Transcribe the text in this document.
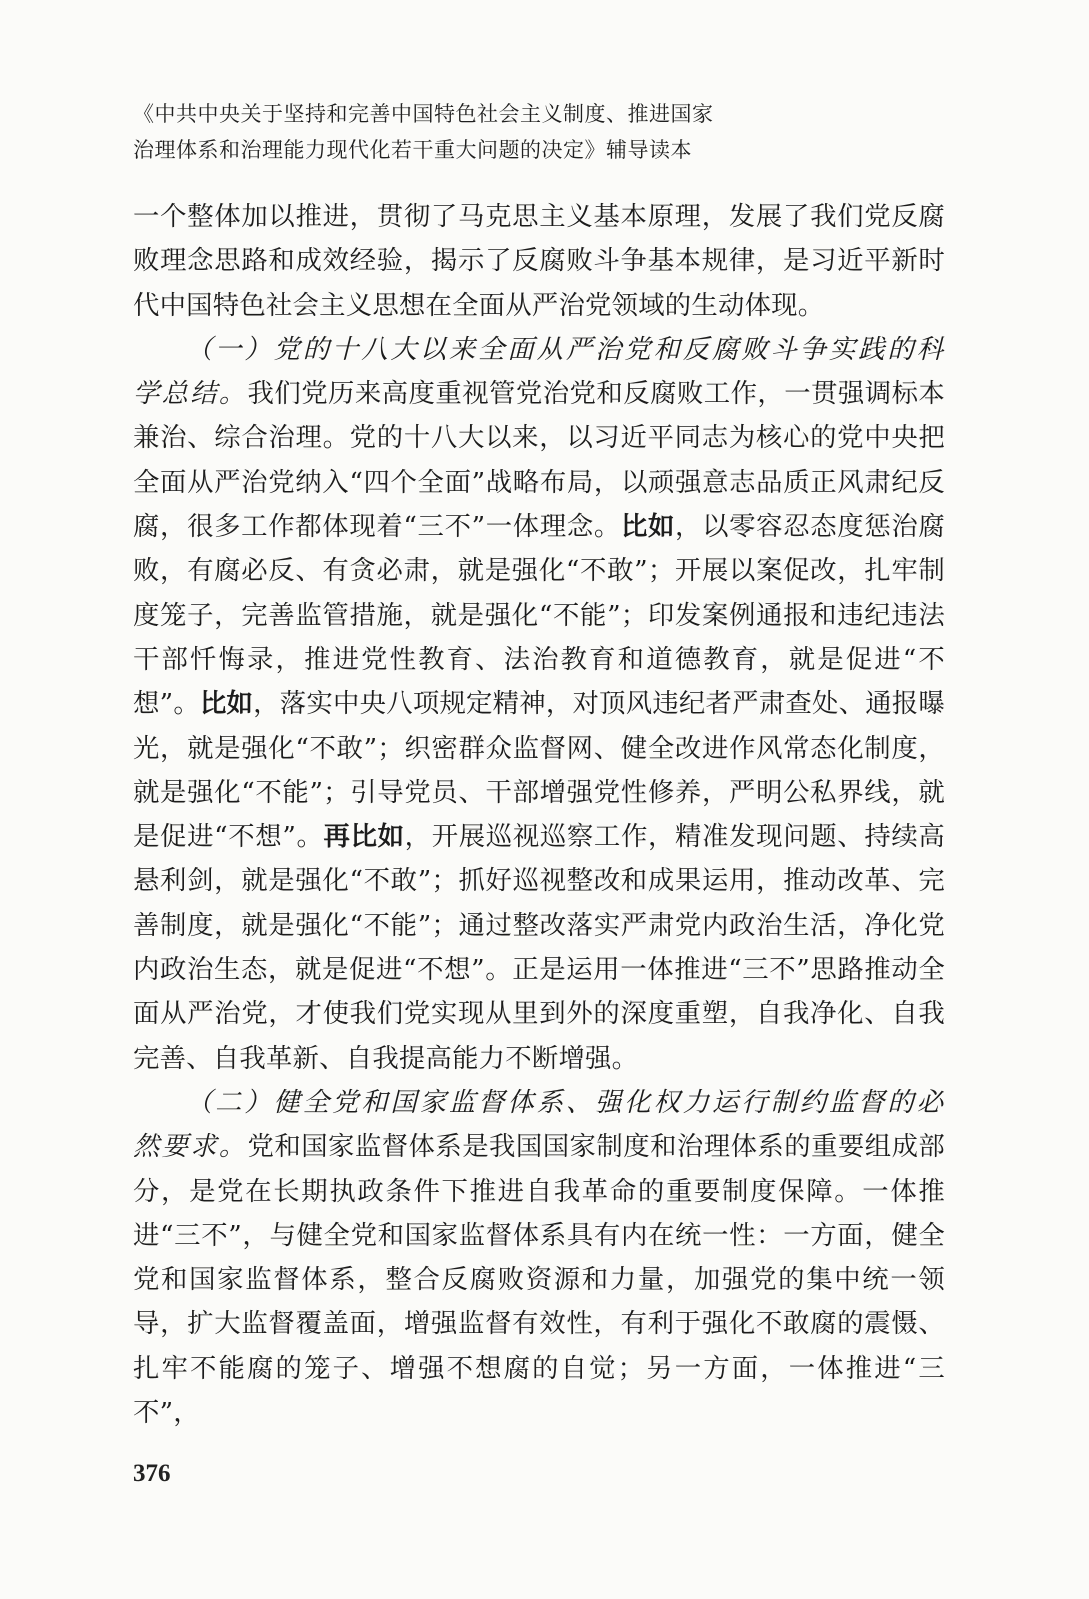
《中共中央关于坚持和完善中国特色社会主义制度、推进国家
治理体系和治理能力现代化若干重大问题的决定》辅导读本

一个整体加以推进，贯彻了马克思主义基本原理，发展了我们党反腐败理念思路和成效经验，揭示了反腐败斗争基本规律，是习近平新时代中国特色社会主义思想在全面从严治党领域的生动体现。

（一）党的十八大以来全面从严治党和反腐败斗争实践的科学总结。我们党历来高度重视管党治党和反腐败工作，一贯强调标本兼治、综合治理。党的十八大以来，以习近平同志为核心的党中央把全面从严治党纳入“四个全面”战略布局，以顽强意志品质正风肃纪反腐，很多工作都体现着“三不”一体理念。比如，以零容忍态度惩治腐败，有腐必反、有贪必肃，就是强化“不敢”；开展以案促改，扎牢制度笼子，完善监管措施，就是强化“不能”；印发案例通报和违纪违法干部忏悔录，推进党性教育、法治教育和道德教育，就是促进“不想”。比如，落实中央八项规定精神，对顶风违纪者严肃查处、通报曝光，就是强化“不敢”；织密群众监督网、健全改进作风常态化制度，就是强化“不能”；引导党员、干部增强党性修养，严明公私界线，就是促进“不想”。再比如，开展巡视巡察工作，精准发现问题、持续高悬利剑，就是强化“不敢”；抓好巡视整改和成果运用，推动改革、完善制度，就是强化“不能”；通过整改落实严肃党内政治生活，净化党内政治生态，就是促进“不想”。正是运用一体推进“三不”思路推动全面从严治党，才使我们党实现从里到外的深度重塑，自我净化、自我完善、自我革新、自我提高能力不断增强。

（二）健全党和国家监督体系、强化权力运行制约监督的必然要求。党和国家监督体系是我国国家制度和治理体系的重要组成部分，是党在长期执政条件下推进自我革命的重要制度保障。一体推进“三不”，与健全党和国家监督体系具有内在统一性：一方面，健全党和国家监督体系，整合反腐败资源和力量，加强党的集中统一领导，扩大监督覆盖面，增强监督有效性，有利于强化不敢腐的震慑、扎牢不能腐的笼子、增强不想腐的自觉；另一方面，一体推进“三不”，

376
